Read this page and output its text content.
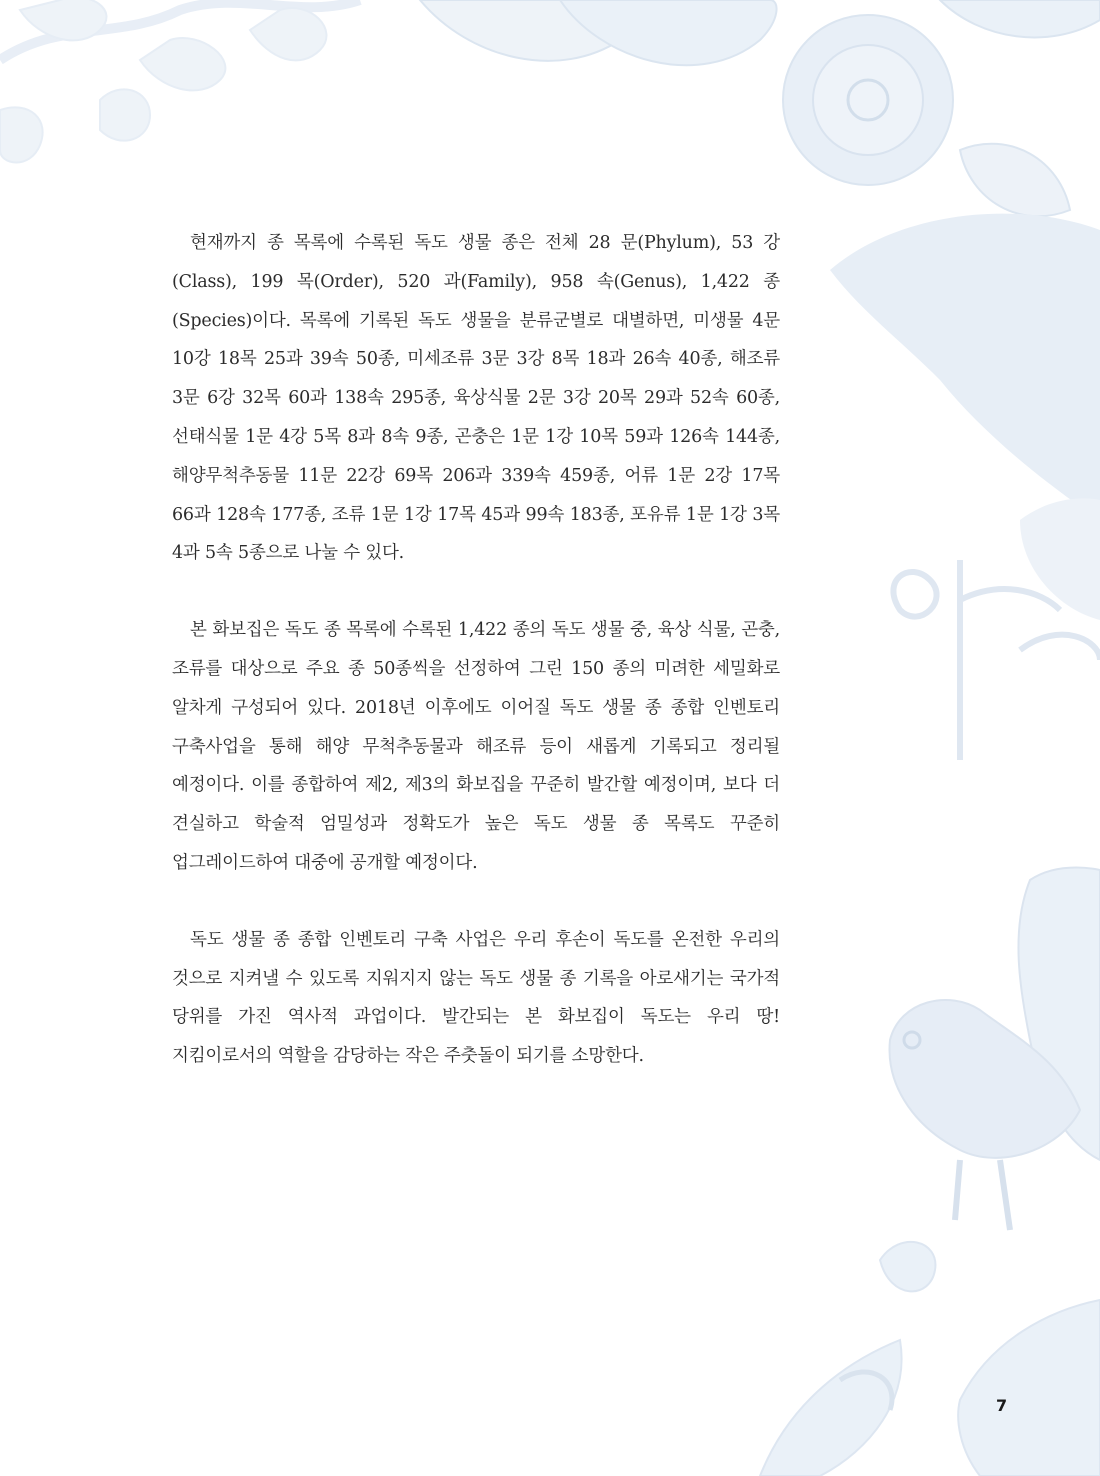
현재까지 종 목록에 수록된 독도 생물 종은 전체 28 문(Phylum), 53 강(Class), 199 목(Order), 520 과(Family), 958 속(Genus), 1,422 종(Species)이다. 목록에 기록된 독도 생물을 분류군별로 대별하면, 미생물 4문 10강 18목 25과 39속 50종, 미세조류 3문 3강 8목 18과 26속 40종, 해조류 3문 6강 32목 60과 138속 295종, 육상식물 2문 3강 20목 29과 52속 60종, 선태식물 1문 4강 5목 8과 8속 9종, 곤충은 1문 1강 10목 59과 126속 144종, 해양무척추동물 11문 22강 69목 206과 339속 459종, 어류 1문 2강 17목 66과 128속 177종, 조류 1문 1강 17목 45과 99속 183종, 포유류 1문 1강 3목 4과 5속 5종으로 나눌 수 있다.

본 화보집은 독도 종 목록에 수록된 1,422 종의 독도 생물 중, 육상 식물, 곤충, 조류를 대상으로 주요 종 50종씩을 선정하여 그린 150 종의 미려한 세밀화로 알차게 구성되어 있다. 2018년 이후에도 이어질 독도 생물 종 종합 인벤토리 구축사업을 통해 해양 무척추동물과 해조류 등이 새롭게 기록되고 정리될 예정이다. 이를 종합하여 제2, 제3의 화보집을 꾸준히 발간할 예정이며, 보다 더 견실하고 학술적 엄밀성과 정확도가 높은 독도 생물 종 목록도 꾸준히 업그레이드하여 대중에 공개할 예정이다.

독도 생물 종 종합 인벤토리 구축 사업은 우리 후손이 독도를 온전한 우리의 것으로 지켜낼 수 있도록 지워지지 않는 독도 생물 종 기록을 아로새기는 국가적 당위를 가진 역사적 과업이다. 발간되는 본 화보집이 독도는 우리 땅! 지킴이로서의 역할을 감당하는 작은 주춧돌이 되기를 소망한다.

7
